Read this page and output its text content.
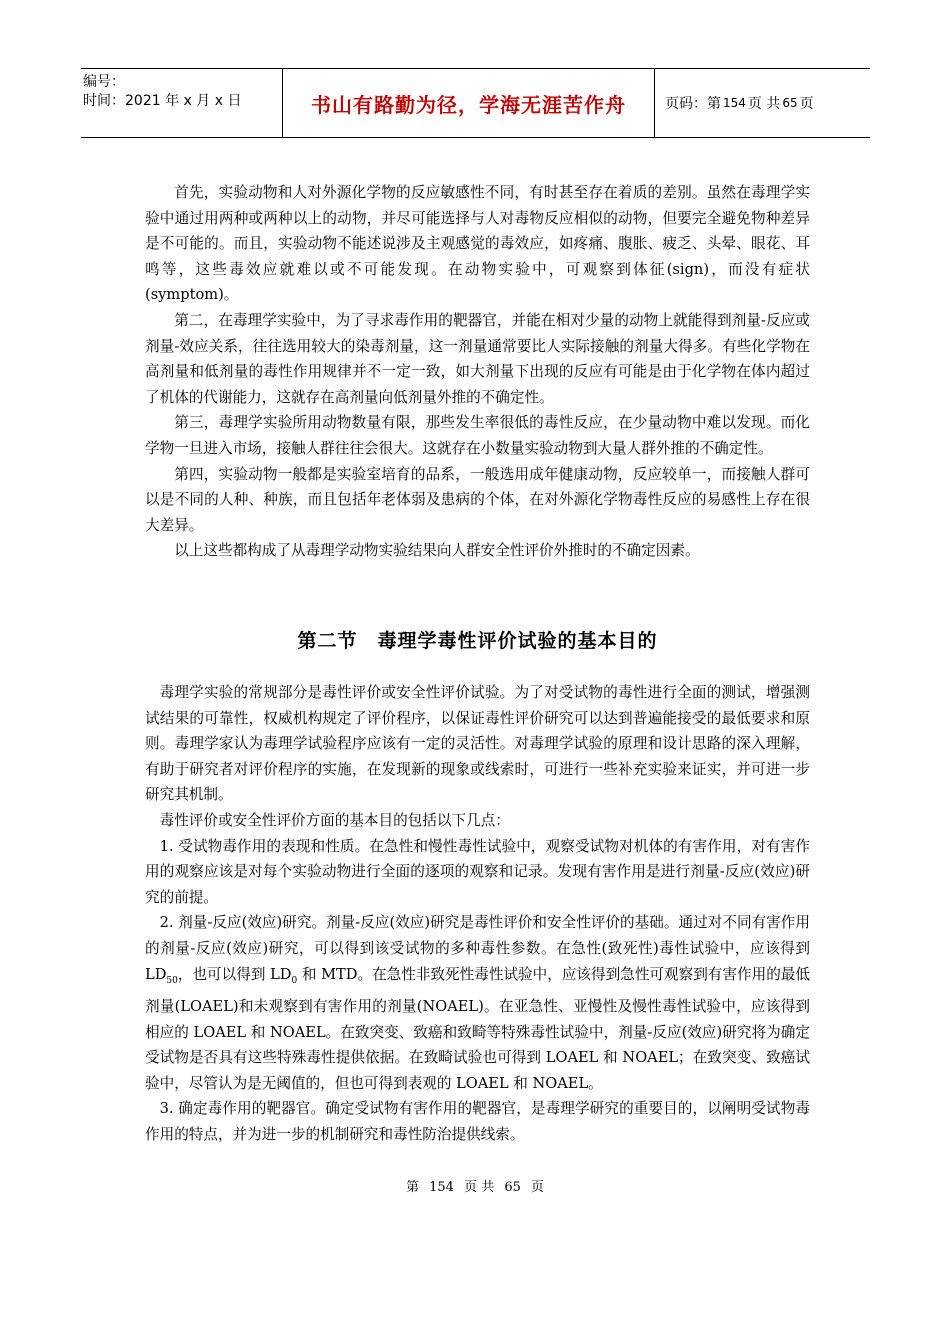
编号：
时间：2021 年 x 月 x 日	书山有路勤为径，学海无涯苦作舟	页码：第 154 页 共 65 页

首先，实验动物和人对外源化学物的反应敏感性不同，有时甚至存在着质的差别。虽然在毒理学实验中通过用两种或两种以上的动物，并尽可能选择与人对毒物反应相似的动物，但要完全避免物种差异是不可能的。而且，实验动物不能述说涉及主观感觉的毒效应，如疼痛、腹胀、疲乏、头晕、眼花、耳鸣等，这些毒效应就难以或不可能发现。在动物实验中，可观察到体征(sign)，而没有症状(symptom)。

第二，在毒理学实验中，为了寻求毒作用的靶器官，并能在相对少量的动物上就能得到剂量-反应或剂量-效应关系，往往选用较大的染毒剂量，这一剂量通常要比人实际接触的剂量大得多。有些化学物在高剂量和低剂量的毒性作用规律并不一定一致，如大剂量下出现的反应有可能是由于化学物在体内超过了机体的代谢能力，这就存在高剂量向低剂量外推的不确定性。

第三，毒理学实验所用动物数量有限，那些发生率很低的毒性反应，在少量动物中难以发现。而化学物一旦进入市场，接触人群往往会很大。这就存在小数量实验动物到大量人群外推的不确定性。

第四，实验动物一般都是实验室培育的品系，一般选用成年健康动物，反应较单一，而接触人群可以是不同的人种、种族，而且包括年老体弱及患病的个体，在对外源化学物毒性反应的易感性上存在很大差异。

以上这些都构成了从毒理学动物实验结果向人群安全性评价外推时的不确定因素。

第二节　毒理学毒性评价试验的基本目的

毒理学实验的常规部分是毒性评价或安全性评价试验。为了对受试物的毒性进行全面的测试，增强测试结果的可靠性，权威机构规定了评价程序，以保证毒性评价研究可以达到普遍能接受的最低要求和原则。毒理学家认为毒理学试验程序应该有一定的灵活性。对毒理学试验的原理和设计思路的深入理解，有助于研究者对评价程序的实施，在发现新的现象或线索时，可进行一些补充实验来证实，并可进一步研究其机制。

毒性评价或安全性评价方面的基本目的包括以下几点：

1. 受试物毒作用的表现和性质。在急性和慢性毒性试验中，观察受试物对机体的有害作用，对有害作用的观察应该是对每个实验动物进行全面的逐项的观察和记录。发现有害作用是进行剂量-反应(效应)研究的前提。

2. 剂量-反应(效应)研究。剂量-反应(效应)研究是毒性评价和安全性评价的基础。通过对不同有害作用的剂量-反应(效应)研究，可以得到该受试物的多种毒性参数。在急性(致死性)毒性试验中，应该得到 $LD_{50}$，也可以得到 $LD_0$ 和 MTD。在急性非致死性毒性试验中，应该得到急性可观察到有害作用的最低剂量(LOAEL)和未观察到有害作用的剂量(NOAEL)。在亚急性、亚慢性及慢性毒性试验中，应该得到相应的 LOAEL 和 NOAEL。在致突变、致癌和致畸等特殊毒性试验中，剂量-反应(效应)研究将为确定受试物是否具有这些特殊毒性提供依据。在致畸试验也可得到 LOAEL 和 NOAEL；在致突变、致癌试验中，尽管认为是无阈值的，但也可得到表观的 LOAEL 和 NOAEL。

3. 确定毒作用的靶器官。确定受试物有害作用的靶器官，是毒理学研究的重要目的，以阐明受试物毒作用的特点，并为进一步的机制研究和毒性防治提供线索。

第 154 页 共 65 页
